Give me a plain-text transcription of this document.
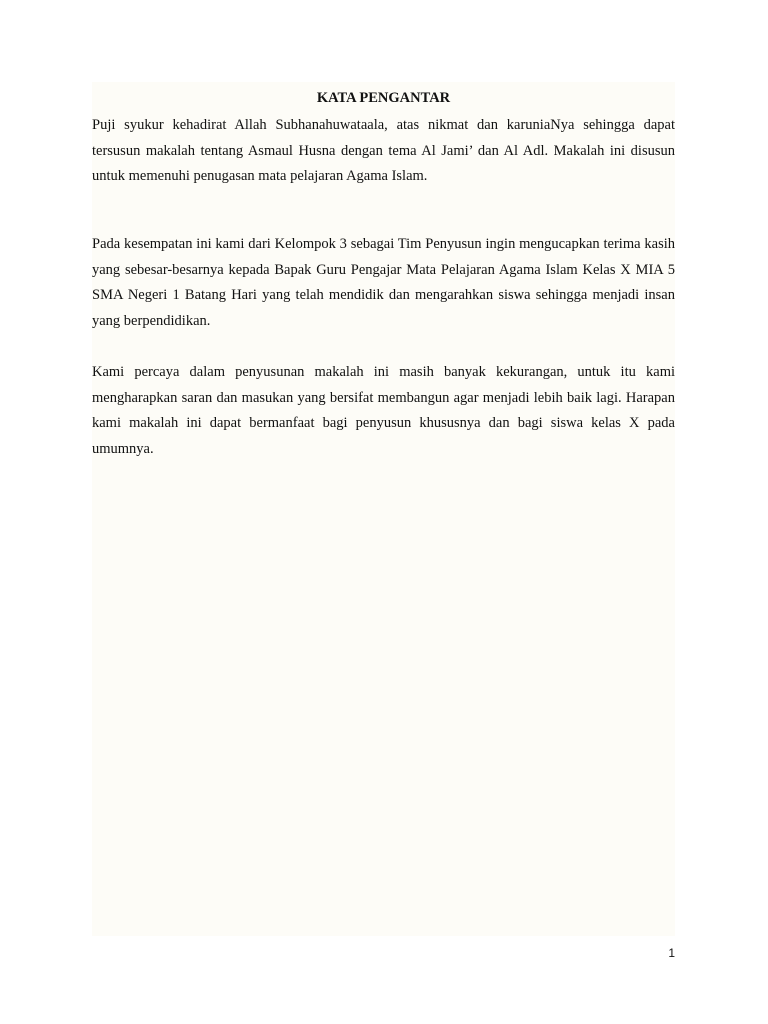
KATA PENGANTAR

Puji syukur kehadirat Allah Subhanahuwataala, atas nikmat dan karuniaNya sehingga dapat tersusun makalah tentang Asmaul Husna dengan tema Al Jami’ dan Al Adl. Makalah ini disusun untuk memenuhi penugasan mata pelajaran Agama Islam.

Pada kesempatan ini kami dari Kelompok 3 sebagai Tim Penyusun ingin mengucapkan terima kasih yang sebesar-besarnya kepada Bapak Guru Pengajar Mata Pelajaran Agama Islam Kelas X MIA 5 SMA Negeri 1 Batang Hari yang telah mendidik dan mengarahkan siswa sehingga menjadi insan yang berpendidikan.

Kami percaya dalam penyusunan makalah ini masih banyak kekurangan, untuk itu kami mengharapkan saran dan masukan yang bersifat membangun agar menjadi lebih baik lagi. Harapan kami makalah ini dapat bermanfaat bagi penyusun khususnya dan bagi siswa kelas X pada umumnya.

1
